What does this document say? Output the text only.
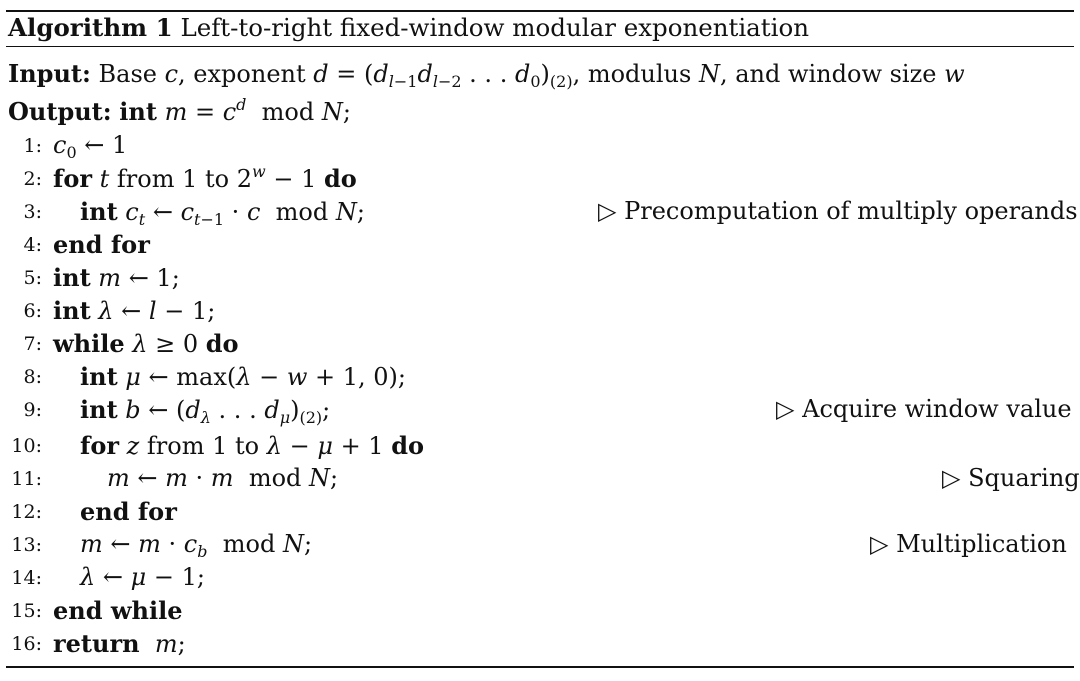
Algorithm 1 Left-to-right fixed-window modular exponentiation
Input: Base c, exponent $d = (d_{l-1}d_{l-2}$ . . . $d_0)_{(2)}$, modulus N, and window size w
Output: int $m = c^d$  mod N;
1: $c_0$ ← 1
2: for t from 1 to $2^w - 1$ do
3: int $c_t$ ← $c_{t-1} \cdot c$  mod N;	▷ Precomputation of multiply operands
4: end for
5: int m ← 1;
6: int λ ← l − 1;
7: while λ ≥ 0 do
8: int μ ← max(λ − w + 1, 0);
9: int b ← ($d_\lambda$ . . . $d_\mu)_{(2)}$;	▷ Acquire window value
10: for z from 1 to λ − μ + 1 do
11:	m ← m · m  mod N;	▷ Squaring
12: end for
13: m ← $m \cdot c_b$  mod N;	▷ Multiplication
14: λ ← μ − 1;
15: end while
16: return m;
